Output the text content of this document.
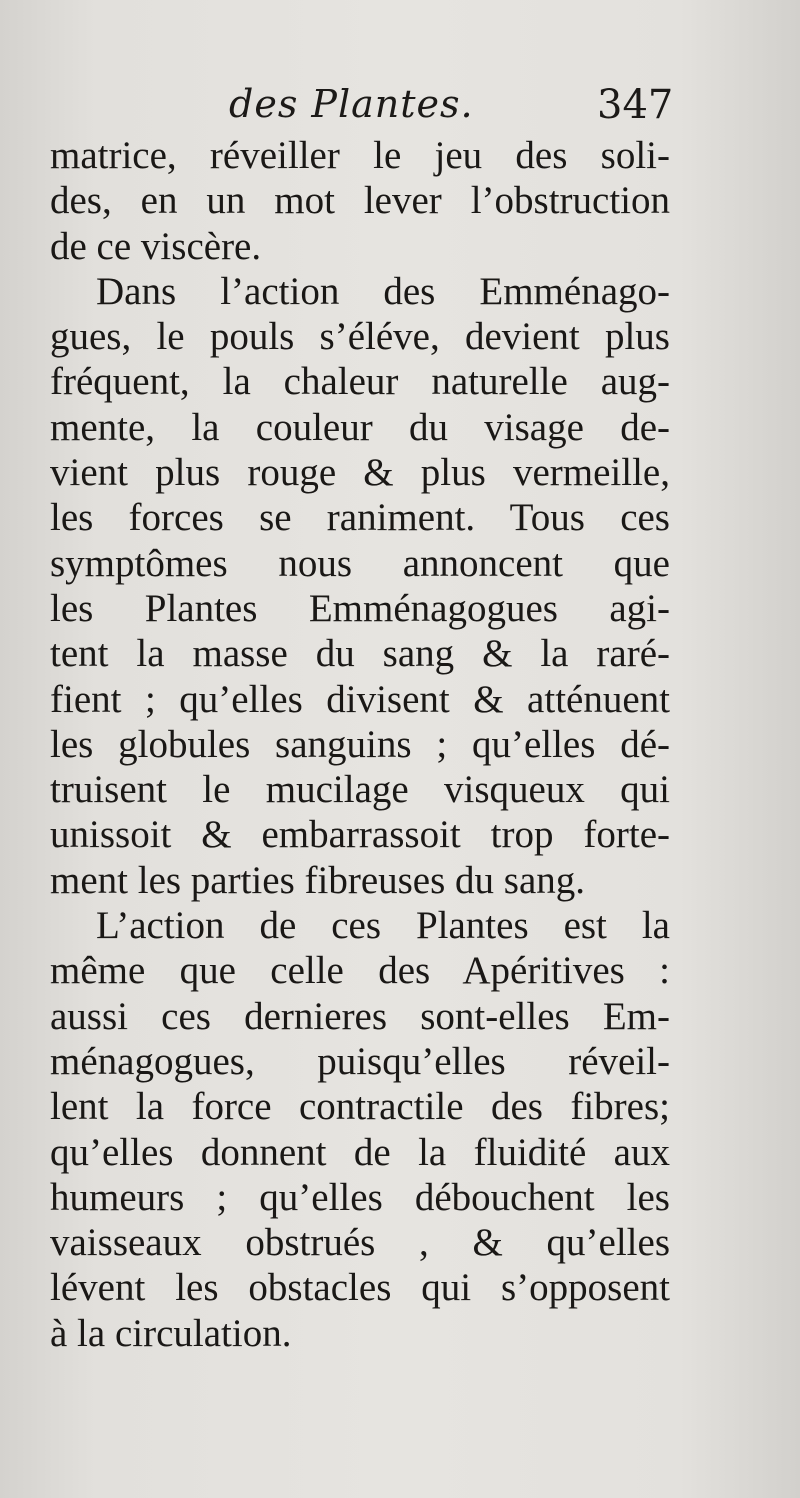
des Plantes.	347
matrice, réveiller le jeu des soli-
des, en un mot lever l’obstruction
de ce viscère.
Dans l’action des Emménago-
gues, le pouls s’éléve, devient plus
fréquent, la chaleur naturelle aug-
mente, la couleur du visage de-
vient plus rouge & plus vermeille,
les forces se raniment. Tous ces
symptômes nous annoncent que
les Plantes Emménagogues agi-
tent la masse du sang & la raré-
fient ; qu’elles divisent & atténuent
les globules sanguins ; qu’elles dé-
truisent le mucilage visqueux qui
unissoit & embarrassoit trop forte-
ment les parties fibreuses du sang.
L’action de ces Plantes est la
même que celle des Apéritives :
aussi ces dernieres sont-elles Em-
ménagogues, puisqu’elles réveil-
lent la force contractile des fibres;
qu’elles donnent de la fluidité aux
humeurs ; qu’elles débouchent les
vaisseaux obstrués , & qu’elles
lévent les obstacles qui s’opposent
à la circulation.
